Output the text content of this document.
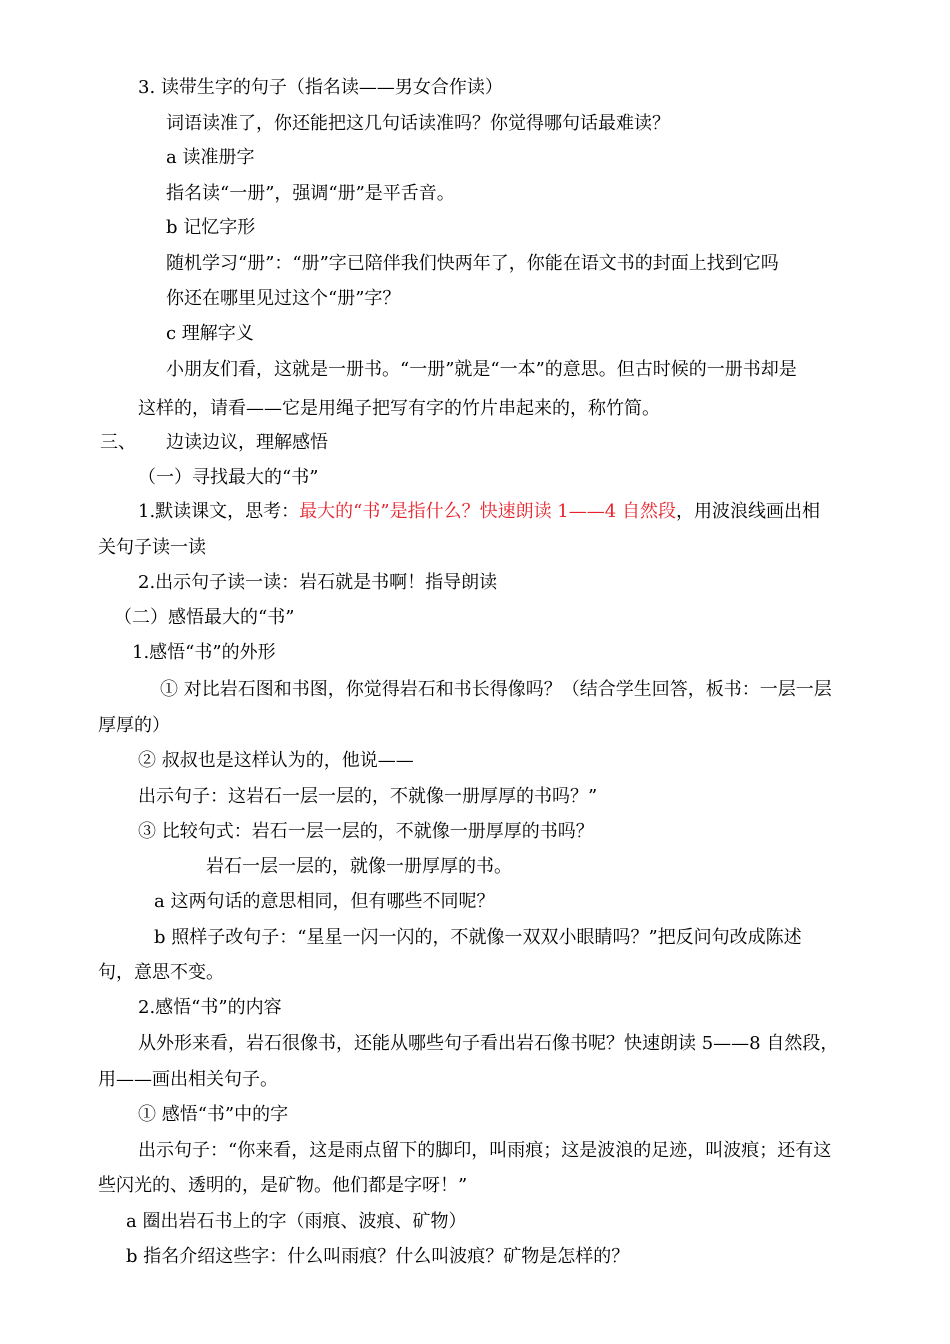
3. 读带生字的句子（指名读——男女合作读）
词语读准了，你还能把这几句话读准吗？你觉得哪句话最难读？
a 读准册字
指名读“一册”，强调“册”是平舌音。
b 记忆字形
随机学习“册”：“册”字已陪伴我们快两年了，你能在语文书的封面上找到它吗
你还在哪里见过这个“册”字？
c 理解字义
小朋友们看，这就是一册书。“一册”就是“一本”的意思。但古时候的一册书却是
这样的，请看——它是用绳子把写有字的竹片串起来的，称竹简。
三、 边读边议，理解感悟
（一）寻找最大的“书”
1.默读课文，思考：最大的“书”是指什么？快速朗读 1——4 自然段，用波浪线画出相
关句子读一读
2.出示句子读一读：岩石就是书啊！指导朗读
（二）感悟最大的“书”
1.感悟“书”的外形
① 对比岩石图和书图，你觉得岩石和书长得像吗？（结合学生回答，板书：一层一层
厚厚的）
② 叔叔也是这样认为的，他说——
出示句子：这岩石一层一层的，不就像一册厚厚的书吗？”
③ 比较句式：岩石一层一层的，不就像一册厚厚的书吗？
岩石一层一层的，就像一册厚厚的书。
a 这两句话的意思相同，但有哪些不同呢？
b 照样子改句子：“星星一闪一闪的，不就像一双双小眼睛吗？”把反问句改成陈述
句，意思不变。
2.感悟“书”的内容
从外形来看，岩石很像书，还能从哪些句子看出岩石像书呢？快速朗读 5——8 自然段，
用——画出相关句子。
① 感悟“书”中的字
出示句子：“你来看，这是雨点留下的脚印，叫雨痕；这是波浪的足迹，叫波痕；还有这
些闪光的、透明的，是矿物。他们都是字呀！”
a 圈出岩石书上的字（雨痕、波痕、矿物）
b 指名介绍这些字：什么叫雨痕？什么叫波痕？矿物是怎样的？
